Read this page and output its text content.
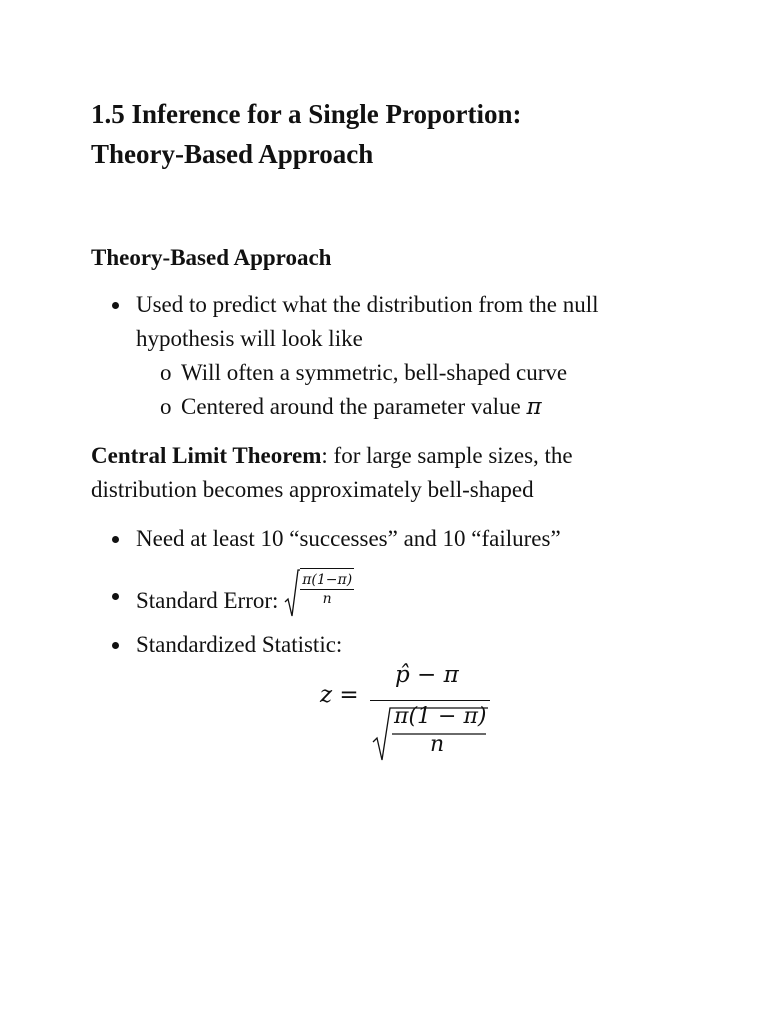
1.5 Inference for a Single Proportion:
Theory-Based Approach
Theory-Based Approach
Used to predict what the distribution from the null
hypothesis will look like
o Will often a symmetric, bell-shaped curve
o Centered around the parameter value π

Central Limit Theorem: for large sample sizes, the
distribution becomes approximately bell-shaped

Need at least 10 “successes” and 10 “failures”
Standard Error: $\frac{\pi(1-\pi)}{n}$
Standardized Statistic:
z =
p̂ − π
π(1 − π)
n
